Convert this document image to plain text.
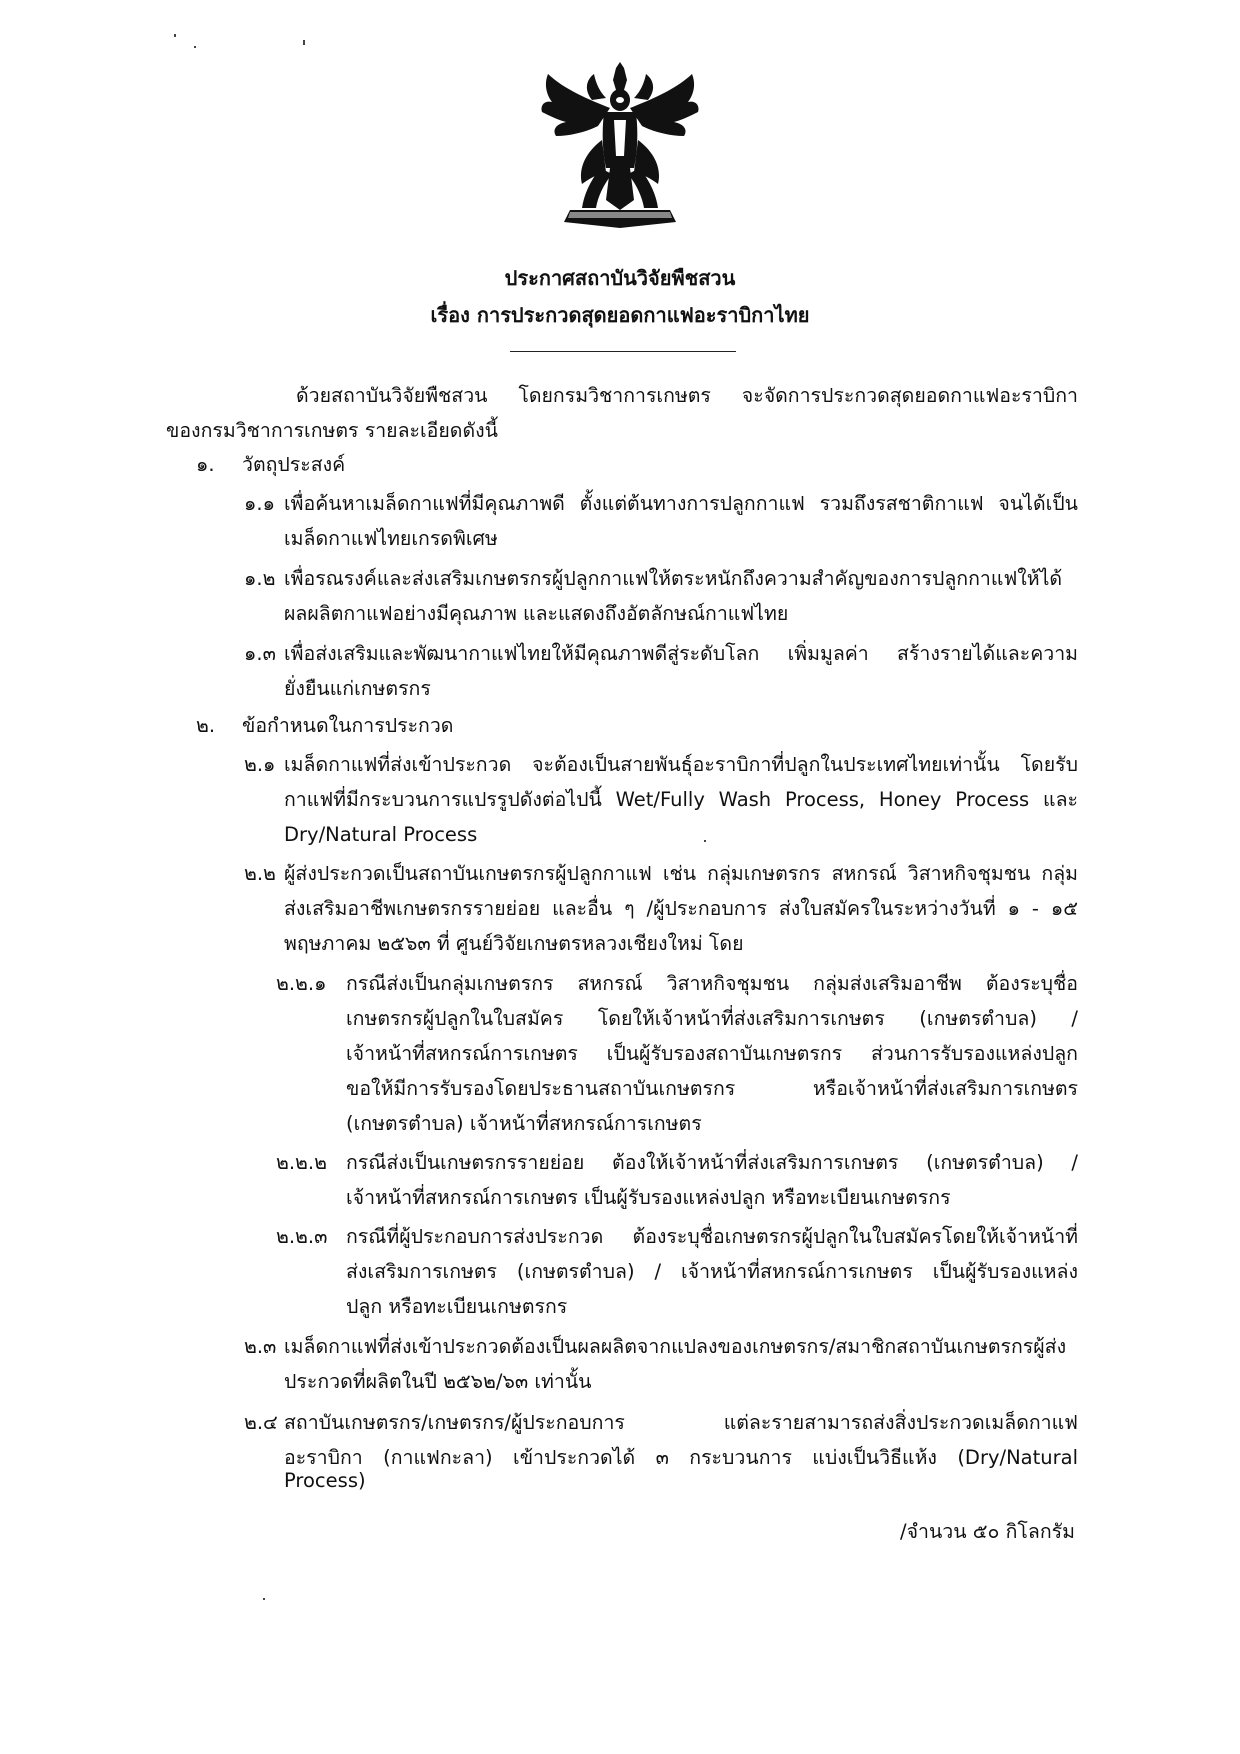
ประกาศสถาบันวิจัยพืชสวน
เรื่อง การประกวดสุดยอดกาแฟอะราบิกาไทย
ด้วยสถาบันวิจัยพืชสวน โดยกรมวิชาการเกษตร จะจัดการประกวดสุดยอดกาแฟอะราบิกา
ของกรมวิชาการเกษตร รายละเอียดดังนี้
๑. วัตถุประสงค์
๑.๑ เพื่อค้นหาเมล็ดกาแฟที่มีคุณภาพดี ตั้งแต่ต้นทางการปลูกกาแฟ รวมถึงรสชาติกาแฟ จนได้เป็น
เมล็ดกาแฟไทยเกรดพิเศษ
๑.๒ เพื่อรณรงค์และส่งเสริมเกษตรกรผู้ปลูกกาแฟให้ตระหนักถึงความสำคัญของการปลูกกาแฟให้ได้
ผลผลิตกาแฟอย่างมีคุณภาพ และแสดงถึงอัตลักษณ์กาแฟไทย
๑.๓ เพื่อส่งเสริมและพัฒนากาแฟไทยให้มีคุณภาพดีสู่ระดับโลก เพิ่มมูลค่า สร้างรายได้และความ
ยั่งยืนแก่เกษตรกร
๒. ข้อกำหนดในการประกวด
๒.๑ เมล็ดกาแฟที่ส่งเข้าประกวด จะต้องเป็นสายพันธุ์อะราบิกาที่ปลูกในประเทศไทยเท่านั้น โดยรับ
กาแฟที่มีกระบวนการแปรรูปดังต่อไปนี้ Wet/Fully Wash Process, Honey Process และ
Dry/Natural Process
๒.๒ ผู้ส่งประกวดเป็นสถาบันเกษตรกรผู้ปลูกกาแฟ เช่น กลุ่มเกษตรกร สหกรณ์ วิสาหกิจชุมชน กลุ่ม
ส่งเสริมอาชีพเกษตรกรรายย่อย และอื่น ๆ /ผู้ประกอบการ ส่งใบสมัครในระหว่างวันที่ ๑ - ๑๕
พฤษภาคม ๒๕๖๓ ที่ ศูนย์วิจัยเกษตรหลวงเชียงใหม่ โดย
๒.๒.๑ กรณีส่งเป็นกลุ่มเกษตรกร สหกรณ์ วิสาหกิจชุมชน กลุ่มส่งเสริมอาชีพ ต้องระบุชื่อ
เกษตรกรผู้ปลูกในใบสมัคร โดยให้เจ้าหน้าที่ส่งเสริมการเกษตร (เกษตรตำบล) /
เจ้าหน้าที่สหกรณ์การเกษตร เป็นผู้รับรองสถาบันเกษตรกร ส่วนการรับรองแหล่งปลูก
ขอให้มีการรับรองโดยประธานสถาบันเกษตรกร หรือเจ้าหน้าที่ส่งเสริมการเกษตร
(เกษตรตำบล) เจ้าหน้าที่สหกรณ์การเกษตร
๒.๒.๒ กรณีส่งเป็นเกษตรกรรายย่อย ต้องให้เจ้าหน้าที่ส่งเสริมการเกษตร (เกษตรตำบล) /
เจ้าหน้าที่สหกรณ์การเกษตร เป็นผู้รับรองแหล่งปลูก หรือทะเบียนเกษตรกร
๒.๒.๓ กรณีที่ผู้ประกอบการส่งประกวด ต้องระบุชื่อเกษตรกรผู้ปลูกในใบสมัครโดยให้เจ้าหน้าที่
ส่งเสริมการเกษตร (เกษตรตำบล) / เจ้าหน้าที่สหกรณ์การเกษตร เป็นผู้รับรองแหล่ง
ปลูก หรือทะเบียนเกษตรกร
๒.๓ เมล็ดกาแฟที่ส่งเข้าประกวดต้องเป็นผลผลิตจากแปลงของเกษตรกร/สมาชิกสถาบันเกษตรกรผู้ส่ง
ประกวดที่ผลิตในปี ๒๕๖๒/๖๓ เท่านั้น
๒.๔ สถาบันเกษตรกร/เกษตรกร/ผู้ประกอบการ แต่ละรายสามารถส่งสิ่งประกวดเมล็ดกาแฟ
อะราบิกา (กาแฟกะลา) เข้าประกวดได้ ๓ กระบวนการ แบ่งเป็นวิธีแห้ง (Dry/Natural Process)
/จำนวน ๕๐ กิโลกรัม
